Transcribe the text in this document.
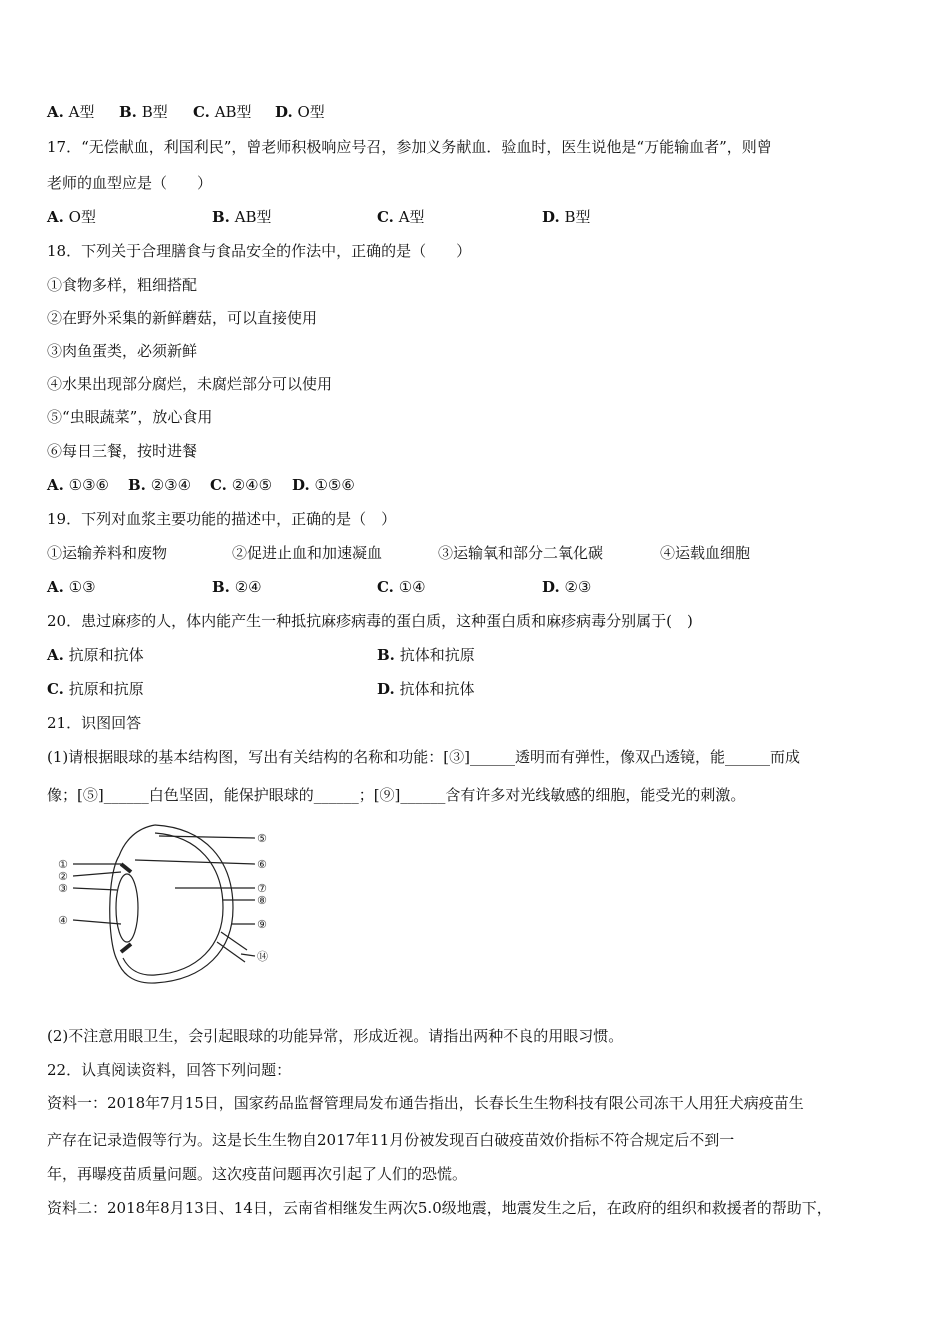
A. A型 B. B型 C. AB型 D. O型
17．“无偿献血，利国利民”，曾老师积极响应号召，参加义务献血．验血时，医生说他是“万能输血者”，则曾
老师的血型应是（　　）
A. O型	B. AB型	C. A型	D. B型
18．下列关于合理膳食与食品安全的作法中，正确的是（　　）
①食物多样，粗细搭配
②在野外采集的新鲜蘑菇，可以直接使用
③肉鱼蛋类，必须新鲜
④水果出现部分腐烂，未腐烂部分可以使用
⑤“虫眼蔬菜”，放心食用
⑥每日三餐，按时进餐
A. ①③⑥ B. ②③④ C. ②④⑤ D. ①⑤⑥
19．下列对血浆主要功能的描述中，正确的是（　）
①运输养料和废物	②促进止血和加速凝血	③运输氧和部分二氧化碳	④运载血细胞
A. ①③	B. ②④	C. ①④	D. ②③
20．患过麻疹的人，体内能产生一种抵抗麻疹病毒的蛋白质，这种蛋白质和麻疹病毒分别属于(　)
A. 抗原和抗体	B. 抗体和抗原
C. 抗原和抗原	D. 抗体和抗体
21．识图回答
(1)请根据眼球的基本结构图，写出有关结构的名称和功能：[③]______透明而有弹性，像双凸透镜，能______而成
像；[⑤]______白色坚固，能保护眼球的______；[⑨]______含有许多对光线敏感的细胞，能受光的刺激。
①
②
③
④
⑤
⑥
⑦
⑧
⑨
⑭
(2)不注意用眼卫生，会引起眼球的功能异常，形成近视。请指出两种不良的用眼习惯。
22．认真阅读资料，回答下列问题：
资料一：2018年7月15日，国家药品监督管理局发布通告指出，长春长生生物科技有限公司冻干人用狂犬病疫苗生
产存在记录造假等行为。这是长生生物自2017年11月份被发现百白破疫苗效价指标不符合规定后不到一
年，再曝疫苗质量问题。这次疫苗问题再次引起了人们的恐慌。
资料二：2018年8月13日、14日，云南省相继发生两次5.0级地震，地震发生之后，在政府的组织和救援者的帮助下，
